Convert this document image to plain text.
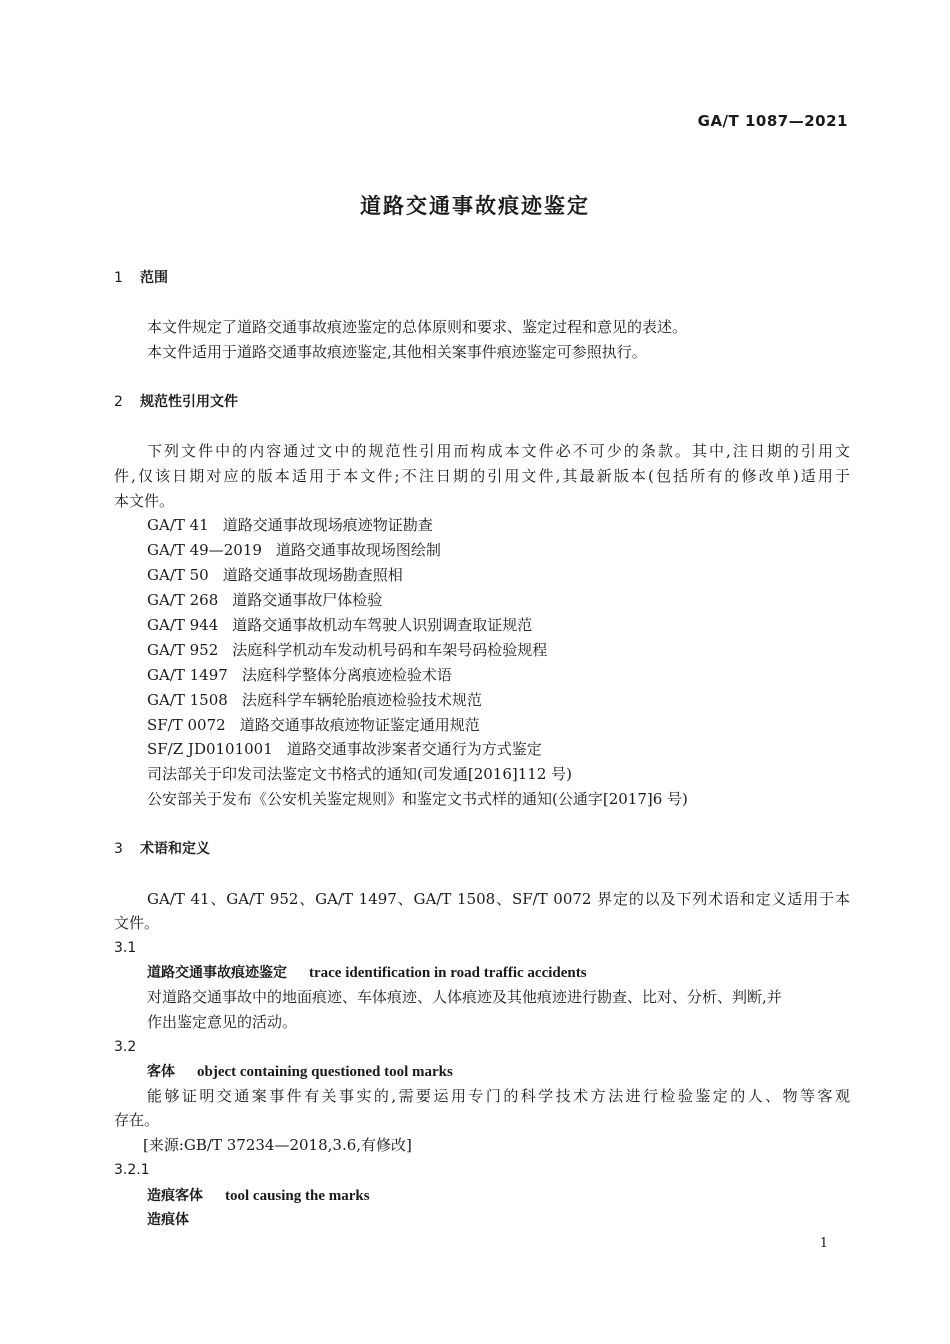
GA/T 1087—2021
道路交通事故痕迹鉴定
1 范围
本文件规定了道路交通事故痕迹鉴定的总体原则和要求、鉴定过程和意见的表述。
本文件适用于道路交通事故痕迹鉴定,其他相关案事件痕迹鉴定可参照执行。
2 规范性引用文件
下列文件中的内容通过文中的规范性引用而构成本文件必不可少的条款。其中,注日期的引用文
件,仅该日期对应的版本适用于本文件;不注日期的引用文件,其最新版本(包括所有的修改单)适用于
本文件。
GA/T 41 道路交通事故现场痕迹物证勘查
GA/T 49—2019 道路交通事故现场图绘制
GA/T 50 道路交通事故现场勘查照相
GA/T 268 道路交通事故尸体检验
GA/T 944 道路交通事故机动车驾驶人识别调查取证规范
GA/T 952 法庭科学机动车发动机号码和车架号码检验规程
GA/T 1497 法庭科学整体分离痕迹检验术语
GA/T 1508 法庭科学车辆轮胎痕迹检验技术规范
SF/T 0072 道路交通事故痕迹物证鉴定通用规范
SF/Z JD0101001 道路交通事故涉案者交通行为方式鉴定
司法部关于印发司法鉴定文书格式的通知(司发通[2016]112 号)
公安部关于发布《公安机关鉴定规则》和鉴定文书式样的通知(公通字[2017]6 号)
3 术语和定义
GA/T 41、GA/T 952、GA/T 1497、GA/T 1508、SF/T 0072 界定的以及下列术语和定义适用于本
文件。
3.1
道路交通事故痕迹鉴定 trace identification in road traffic accidents
对道路交通事故中的地面痕迹、车体痕迹、人体痕迹及其他痕迹进行勘查、比对、分析、判断,并
作出鉴定意见的活动。
3.2
客体 object containing questioned tool marks
能够证明交通案事件有关事实的,需要运用专门的科学技术方法进行检验鉴定的人、物等客观
存在。
[来源:GB/T 37234—2018,3.6,有修改]
3.2.1
造痕客体 tool causing the marks
造痕体
1
